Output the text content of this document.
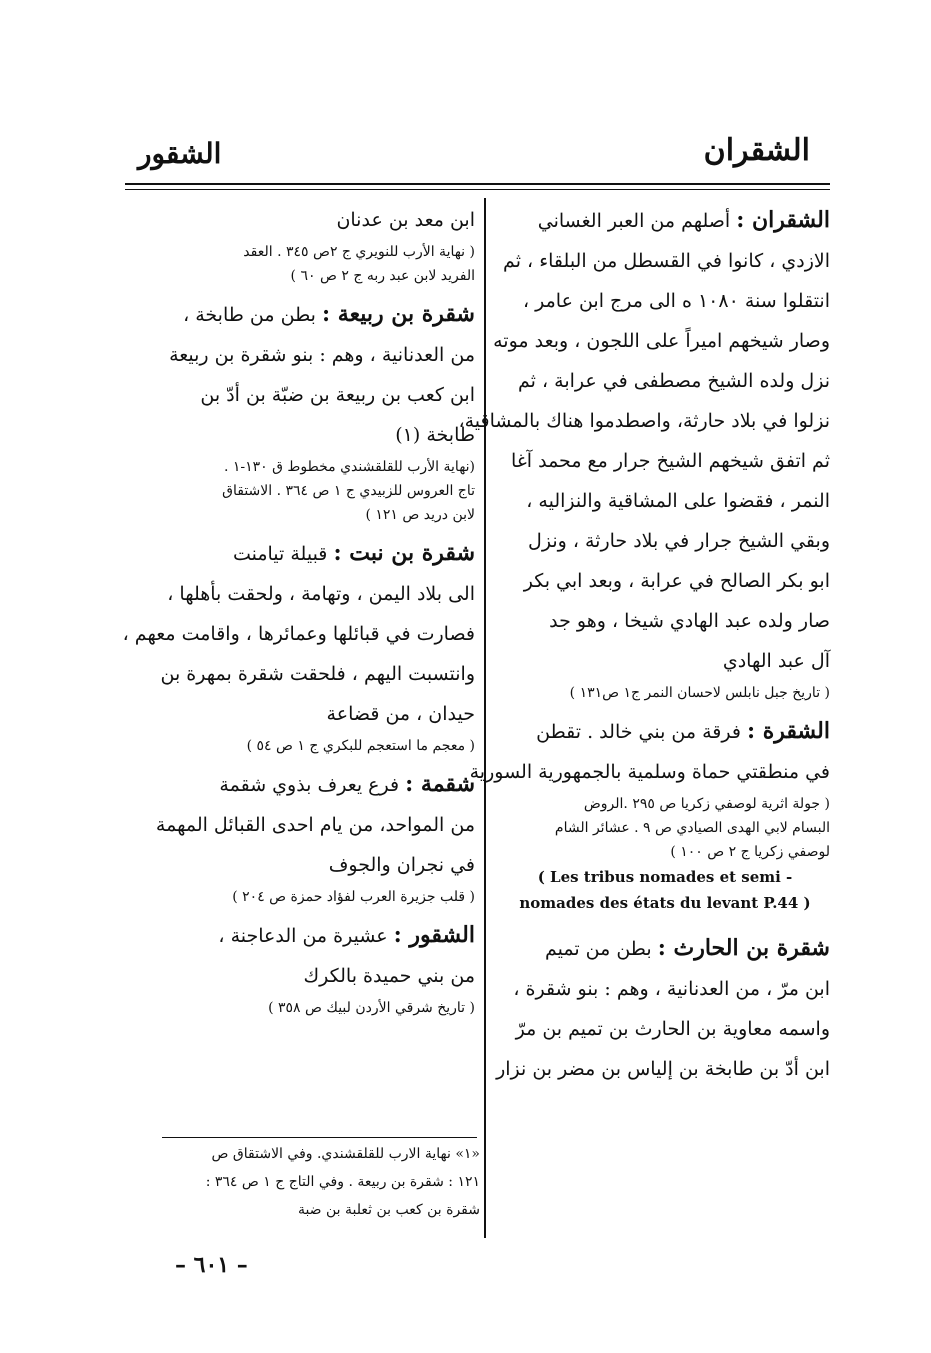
الشقران
الشقور
الشقران : أصلهم من العبر الغساني
الازدي ، كانوا في القسطل من البلقاء ، ثم
انتقلوا سنة ١٠٨٠ ه الى مرج ابن عامر ،
وصار شيخهم اميراً على اللجون ، وبعد موته
نزل ولده الشيخ مصطفى في عرابة ، ثم
نزلوا في بلاد حارثة، واصطدموا هناك بالمشاقية،
ثم اتفق شيخهم الشيخ جرار مع محمد آغا
النمر ، فقضوا على المشاقية والنزاليه ،
وبقي الشيخ جرار في بلاد حارثة ، ونزل
ابو بكر الصالح في عرابة ، وبعد ابي بكر
صار ولده عبد الهادي شيخا ، وهو جد
آل عبد الهادي
( تاريخ جبل نابلس لاحسان النمر ج١ ص١٣١ )
الشقرة : فرقة من بني خالد . تقطن
في منطقتي حماة وسلمية بالجمهورية السورية
( جولة اثرية لوصفي زكريا ص ٢٩٥ .الروض
البسام لابي الهدى الصيادي ص ٩ . عشائر الشام
لوصفي زكريا ج ٢ ص ١٠٠ )
( Les tribus nomades et semi -
nomades des états du levant P.44 )
شقرة بن الحارث : بطن من تميم
ابن مرّ ، من العدنانية ، وهم : بنو شقرة ،
واسمه معاوية بن الحارث بن تميم بن مرّ
ابن أدّ بن طابخة بن إلياس بن مضر بن نزار
ابن معد بن عدنان
( نهاية الأرب للنويري ج ٢ص ٣٤٥ . العقد
الفريد لابن عبد ربه ج ٢ ص ٦٠ )
شقرة بن ربيعة : بطن من طابخة ،
من العدنانية ، وهم : بنو شقرة بن ربيعة
ابن كعب بن ربيعة بن ضبّة بن أدّ بن
طابخة (١)
(نهاية الأرب للقلقشندي مخطوط ق ١٣٠-١ .
تاج العروس للزبيدي ج ١ ص ٣٦٤ . الاشتقاق
لابن دريد ص ١٢١ )
شقرة بن نبت : قبيلة تيامنت
الى بلاد اليمن ، وتهامة ، ولحقت بأهلها ،
فصارت في قبائلها وعمائرها ، واقامت معهم ،
وانتسبت اليهم ، فلحقت شقرة بمهرة بن
حيدان ، من قضاعة
( معجم ما استعجم للبكري ج ١ ص ٥٤ )
شقمة : فرع يعرف بذوي شقمة
من المواحد، من يام احدى القبائل المهمة
في نجران والجوف
( قلب جزيرة العرب لفؤاد حمزة ص ٢٠٤ )
الشقور : عشيرة من الدعاجنة ،
من بني حميدة بالكرك
( تاريخ شرقي الأردن لبيك ص ٣٥٨ )
«١» نهاية الارب للقلقشندي. وفي الاشتقاق ص
١٢١ : شقرة بن ربيعة . وفي التاج ج ١ ص ٣٦٤ :
شقرة بن كعب بن ثعلبة بن ضبة
– ٦٠١ –
